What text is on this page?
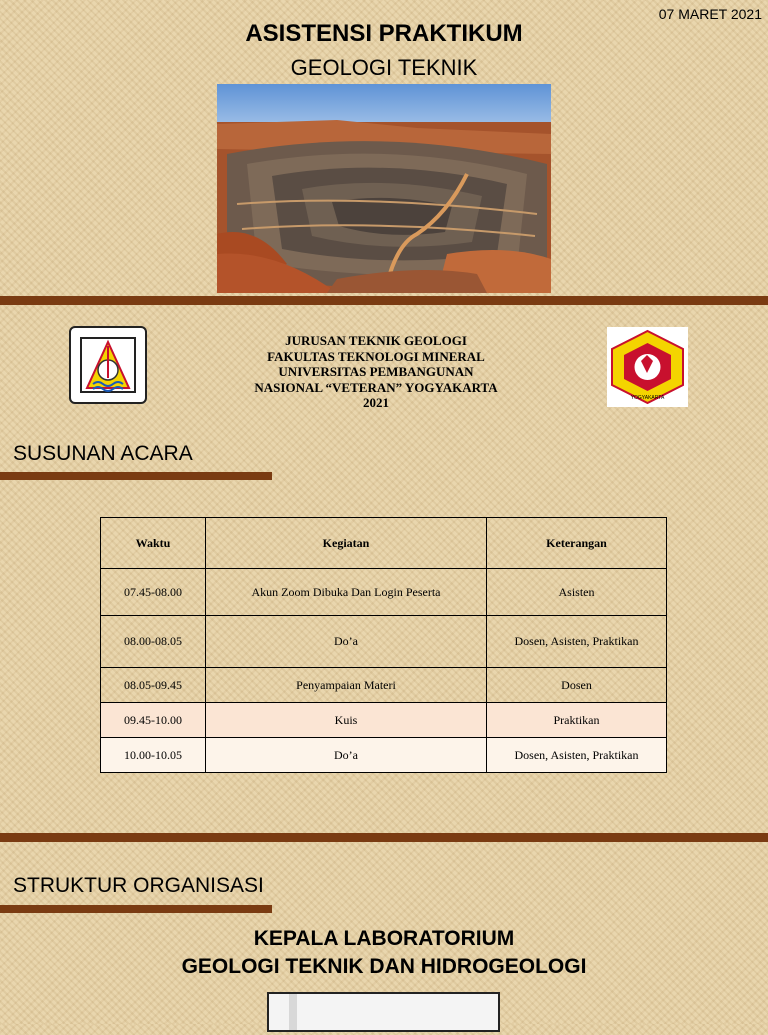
07 MARET 2021
ASISTENSI PRAKTIKUM
GEOLOGI TEKNIK
JURUSAN TEKNIK GEOLOGI
FAKULTAS TEKNOLOGI MINERAL
UNIVERSITAS PEMBANGUNAN
NASIONAL “VETERAN” YOGYAKARTA
2021	YOGYAKARTA
SUSUNAN ACARA
Waktu	Kegiatan	Keterangan
07.45-08.00	Akun Zoom Dibuka Dan Login Peserta	Asisten
08.00-08.05	Do’a	Dosen, Asisten, Praktikan
08.05-09.45	Penyampaian Materi	Dosen
09.45-10.00	Kuis	Praktikan
10.00-10.05	Do’a	Dosen, Asisten, Praktikan
STRUKTUR ORGANISASI
KEPALA LABORATORIUM
GEOLOGI TEKNIK DAN HIDROGEOLOGI
